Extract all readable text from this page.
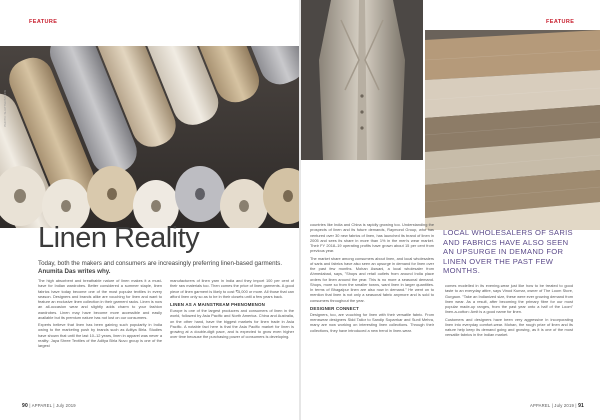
FEATURE	FEATURE
PHOTO: SHUTTERSTOCK
Linen Reality
Today, both the makers and consumers are increasingly preferring linen-based garments. Anumita Das writes why.

The high absorbent and breathable nature of linen makes it a must-have for Indian wardrobes. Better considered a summer staple, linen fabrics have today become one of the most popular textiles in every season. Designers and brands alike are vouching for linen and want to feature an exclusive linen collection in their garment racks. Linen is now an all-occasion wear and slightly adds charm to your fashion wardrobes. Linen may have become more accessible and easily available but its premium nature has not lost on our consumers.

Experts believe that linen has been gaining such popularity in India owing to the marketing push by brands such as Aditya Birla. Studies have shown that until the last 10–12 years, linen in apparel was never a reality: Jaya Shree Textiles of the Aditya Birla Nuvo group is one of the largest

manufacturers of linen yarn in India and they import 100 per cent of their raw materials too. Then comes the price of linen garments. A good piece of linen garment is likely to cost ₹5,000 or more. All those that can afford linen only so as to be in their closets until a few years back.

LINEN AS A MAINSTREAM PHENOMENON

Europe is one of the largest producers and consumers of linen in the world, followed by Asia Pacific and North America. China and Australia, on the other hand, have the biggest markets for linen trade in Asia Pacific. A notable fact here is that the Asia Pacific market for linen is growing at a double-digit pace, and is expected to grow even higher over time because the purchasing power of consumers is developing.

countries like India and China is rapidly growing too. Understanding the prospects of linen and its future demands, Raymond Group, who has ventured over 30 new fabrics of linen, has launched its brand of linen in 2005 and sees its share in more than 1% in the men's wear market. Their FY 2018–19 operating profits have grown about 15 per cent from previous year.

The market share among consumers about linen, and local wholesalers of saris and fabrics have also seen an upsurge in demand for linen over the past few months. Mohan Aswani, a local wholesaler from Ahmedabad, says, "Shops and retail outlets from around India place orders for linen around the year. This is no more a seasonal demand. Shops, more so from the smaller towns, want linen in larger quantities. In terms of Bhagalpur linen are also now in demand." He went on to mention that linen is not only a seasonal fabric anymore and is sold to consumers throughout the year.

DESIGNER CONNECT

Designers, too, are vouching for linen with their versatile fabric. From menswear designers Sidd Tailor to Sandip Soparrkar and Sunil Mehra, many are now working on interesting linen collections. Through their collections, they have introduced a new trend in linen-wear.

LOCAL WHOLESALERS OF SARIS AND FABRICS HAVE ALSO SEEN AN UPSURGE IN DEMAND FOR LINEN OVER THE PAST FEW MONTHS.

comes modelled in its evening-wear just like how to be treated to good taste to an everyday attire, says Vinod Kumar, owner of The Loom Store, Gurgaon. "Take an Indianized size, these were ever growing demand from linen wear. As a result, after becoming the primary fibre for our most popular made-up ranges, from the past year onto a half of the Loom" linen-a-cotton: Amit is a good name for linen.

Customers and designers have been very aggressive in incorporating linen into everyday comfort-wear. Mohan, the rough prize of linen and its nature help keep its demand going and growing, as it is one of the most versatile fabrics in the Indian market.

90 | APPAREL | July 2019	APPAREL | July 2019 | 91
